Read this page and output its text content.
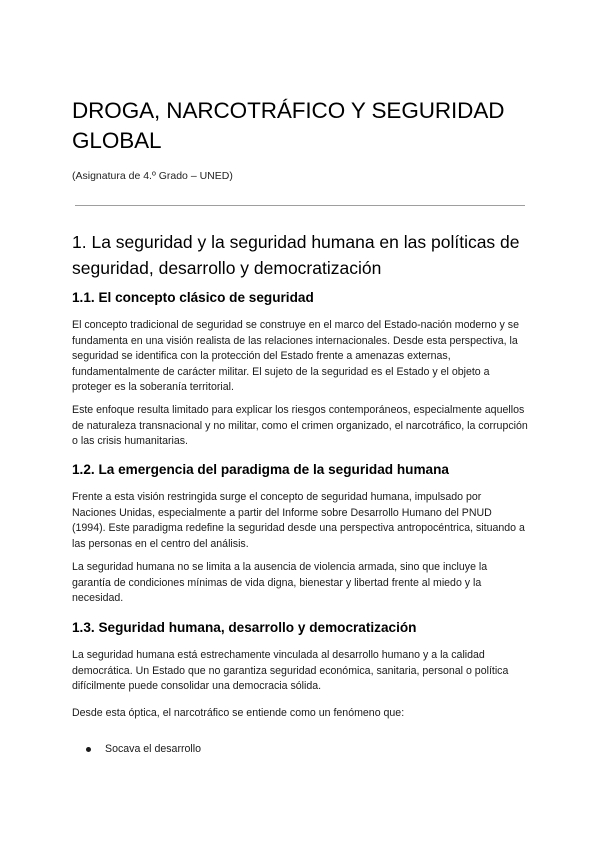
DROGA, NARCOTRÁFICO Y SEGURIDAD GLOBAL
(Asignatura de 4.º Grado – UNED)
1. La seguridad y la seguridad humana en las políticas de seguridad, desarrollo y democratización
1.1. El concepto clásico de seguridad

El concepto tradicional de seguridad se construye en el marco del Estado-nación moderno y se fundamenta en una visión realista de las relaciones internacionales. Desde esta perspectiva, la seguridad se identifica con la protección del Estado frente a amenazas externas, fundamentalmente de carácter militar. El sujeto de la seguridad es el Estado y el objeto a proteger es la soberanía territorial.

Este enfoque resulta limitado para explicar los riesgos contemporáneos, especialmente aquellos de naturaleza transnacional y no militar, como el crimen organizado, el narcotráfico, la corrupción o las crisis humanitarias.

1.2. La emergencia del paradigma de la seguridad humana

Frente a esta visión restringida surge el concepto de seguridad humana, impulsado por Naciones Unidas, especialmente a partir del Informe sobre Desarrollo Humano del PNUD (1994). Este paradigma redefine la seguridad desde una perspectiva antropocéntrica, situando a las personas en el centro del análisis.

La seguridad humana no se limita a la ausencia de violencia armada, sino que incluye la garantía de condiciones mínimas de vida digna, bienestar y libertad frente al miedo y la necesidad.

1.3. Seguridad humana, desarrollo y democratización

La seguridad humana está estrechamente vinculada al desarrollo humano y a la calidad democrática. Un Estado que no garantiza seguridad económica, sanitaria, personal o política difícilmente puede consolidar una democracia sólida.

Desde esta óptica, el narcotráfico se entiende como un fenómeno que:

Socava el desarrollo
